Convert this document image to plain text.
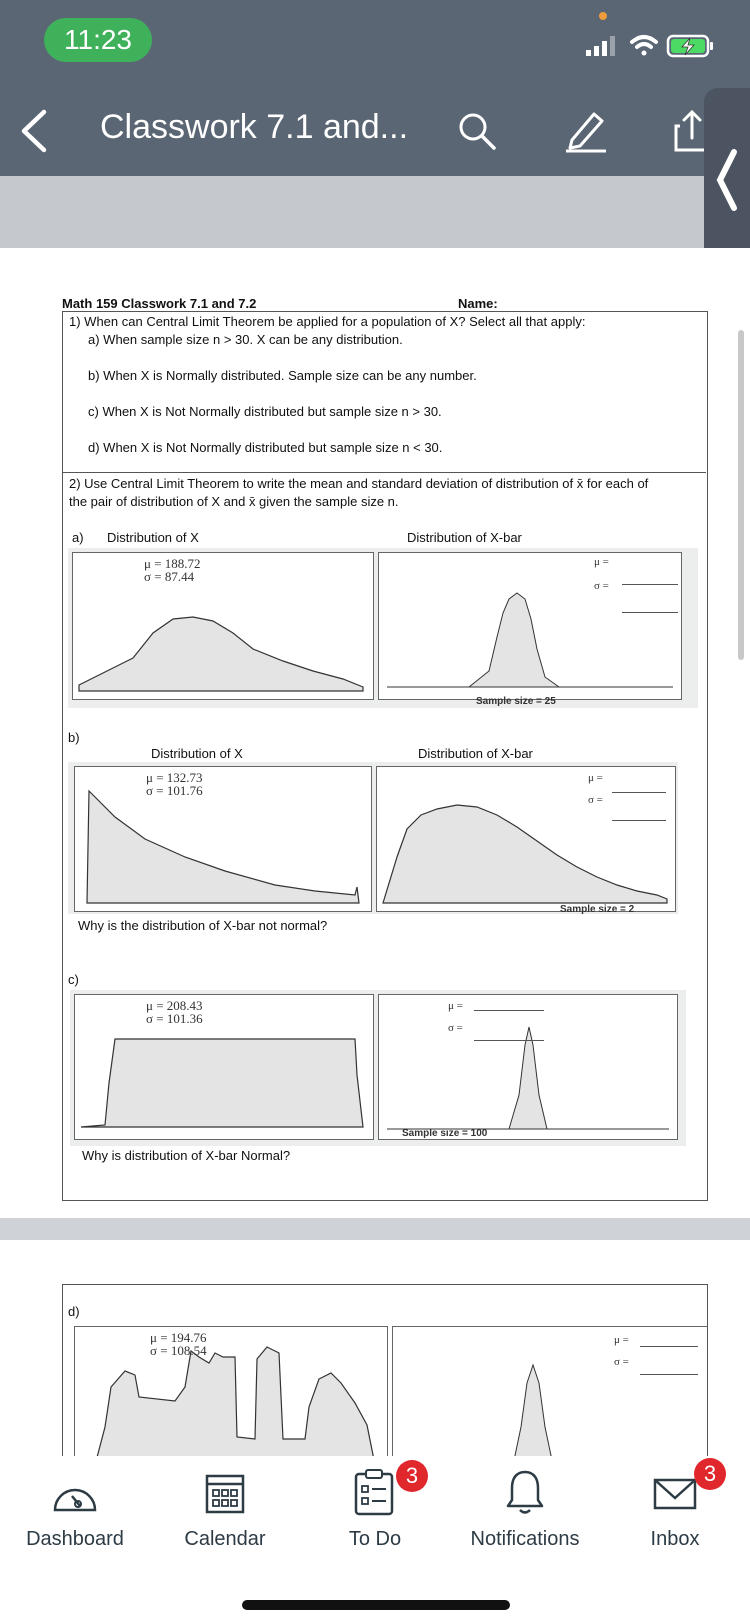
11:23
Classwork 7.1 and...
Math 159 Classwork 7.1 and 7.2	Name:
1) When can Central Limit Theorem be applied for a population of X? Select all that apply:
a) When sample size n > 30. X can be any distribution.
b) When X is Normally distributed. Sample size can be any number.
c) When X is Not Normally distributed but sample size n > 30.
d) When X is Not Normally distributed but sample size n < 30.
2) Use Central Limit Theorem to write the mean and standard deviation of distribution of x̄ for each of
the pair of distribution of X and x̄ given the sample size n.
a) Distribution of X	Distribution of X-bar
μ = 188.72
σ = 87.44
μ =
σ =
Sample size = 25
b)
Distribution of X	Distribution of X-bar
μ = 132.73
σ = 101.76
μ =
σ =
Sample size = 2
Why is the distribution of X-bar not normal?
c)
μ = 208.43
σ = 101.36
μ =
σ =
Sample size = 100
Why is distribution of X-bar Normal?
d)
μ = 194.76
σ = 108.54
μ =
σ =
Dashboard	Calendar
3
To Do	Notifications
3
Inbox
